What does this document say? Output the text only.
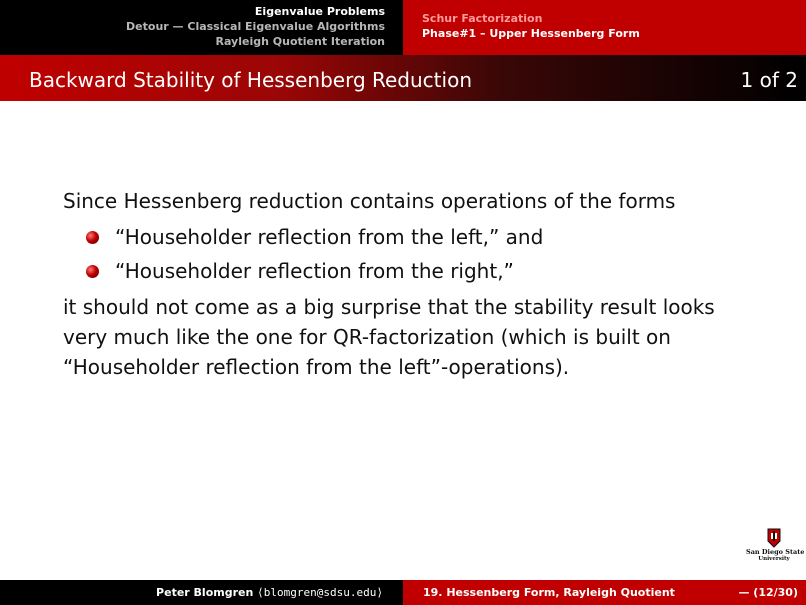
Eigenvalue Problems
Detour — Classical Eigenvalue Algorithms
Rayleigh Quotient Iteration
Schur Factorization
Phase#1 – Upper Hessenberg Form
Backward Stability of Hessenberg Reduction	1 of 2

Since Hessenberg reduction contains operations of the forms

“Householder reflection from the left,” and
“Householder reflection from the right,”

it should not come as a big surprise that the stability result looks very much like the one for QR-factorization (which is built on “Householder reflection from the left”-operations).

San Diego State
University
Peter Blomgren ⟨blomgren@sdsu.edu⟩	19. Hessenberg Form, Rayleigh Quotient	— (12/30)
